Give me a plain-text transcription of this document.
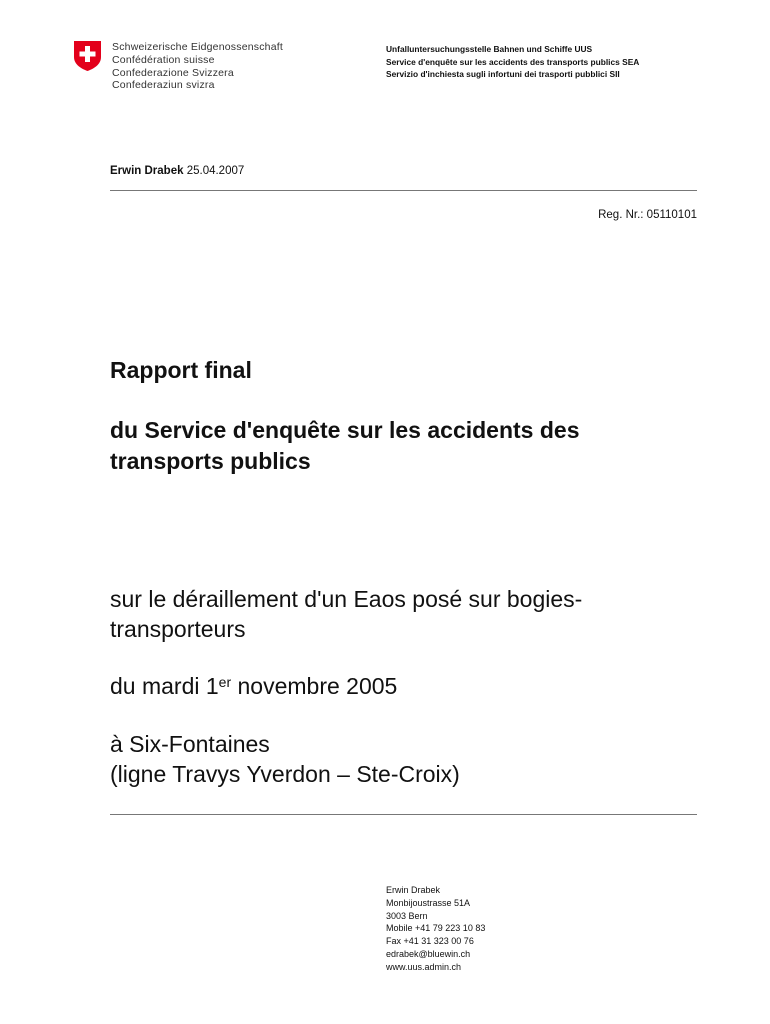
Schweizerische Eidgenossenschaft
Confédération suisse
Confederazione Svizzera
Confederaziun svizra
Unfalluntersuchungsstelle Bahnen und Schiffe UUS
Service d'enquête sur les accidents des transports publics SEA
Servizio d'inchiesta sugli infortuni dei trasporti pubblici SII
Erwin Drabek 25.04.2007
Reg. Nr.: 05110101
Rapport final
du Service d'enquête sur les accidents des
transports publics
sur le déraillement d'un Eaos posé sur bogies-
transporteurs
du mardi 1er novembre 2005
à Six-Fontaines
(ligne Travys Yverdon – Ste-Croix)
Erwin Drabek
Monbijoustrasse 51A
3003 Bern
Mobile +41 79 223 10 83
Fax +41 31 323 00 76
edrabek@bluewin.ch
www.uus.admin.ch
